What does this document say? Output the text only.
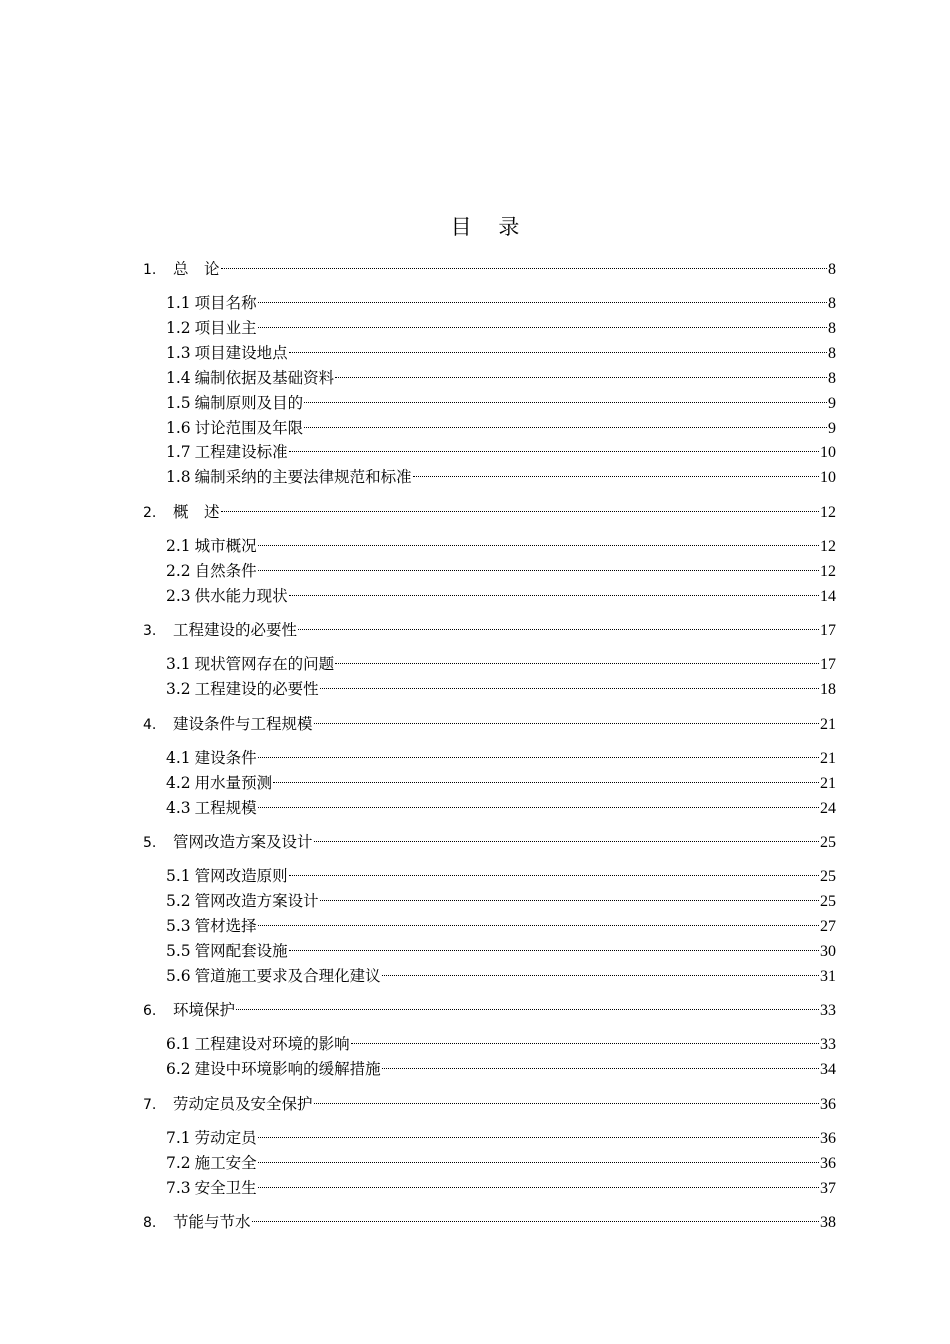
目 录
1.	总　论	8
1.1 项目名称	8
1.2 项目业主	8
1.3 项目建设地点	8
1.4 编制依据及基础资料	8
1.5 编制原则及目的	9
1.6 讨论范围及年限	9
1.7 工程建设标准	10
1.8 编制采纳的主要法律规范和标准	10
2.	概　述	12
2.1 城市概况	12
2.2 自然条件	12
2.3 供水能力现状	14
3.	工程建设的必要性	17
3.1 现状管网存在的问题	17
3.2 工程建设的必要性	18
4.	建设条件与工程规模	21
4.1 建设条件	21
4.2 用水量预测	21
4.3 工程规模	24
5.	管网改造方案及设计	25
5.1 管网改造原则	25
5.2 管网改造方案设计	25
5.3 管材选择	27
5.5 管网配套设施	30
5.6 管道施工要求及合理化建议	31
6.	环境保护	33
6.1 工程建设对环境的影响	33
6.2 建设中环境影响的缓解措施	34
7.	劳动定员及安全保护	36
7.1 劳动定员	36
7.2 施工安全	36
7.3 安全卫生	37
8.	节能与节水	38
